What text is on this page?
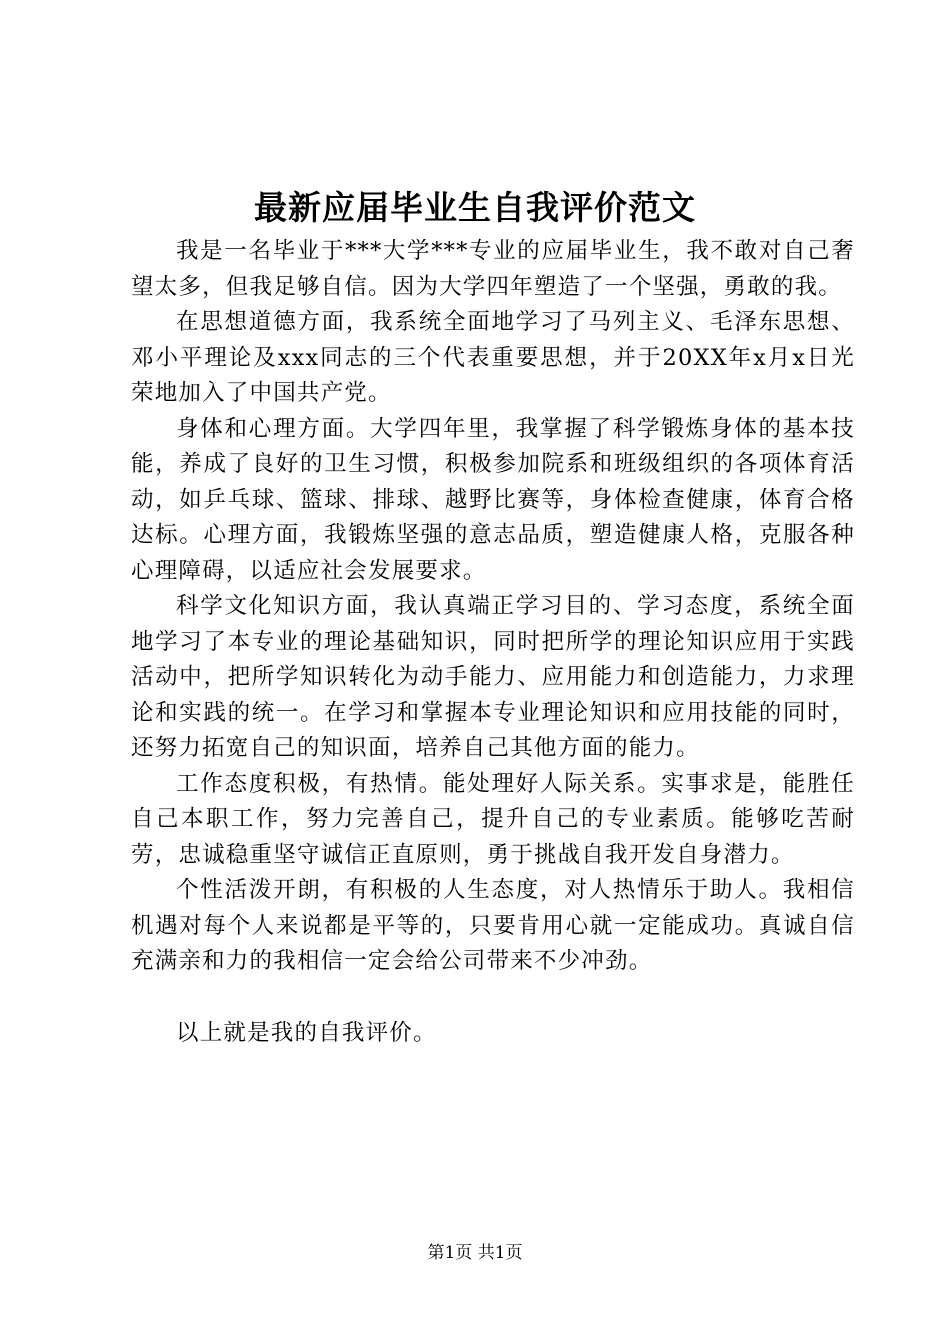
最新应届毕业生自我评价范文

我是一名毕业于***大学***专业的应届毕业生，我不敢对自己奢望太多，但我足够自信。因为大学四年塑造了一个坚强，勇敢的我。

在思想道德方面，我系统全面地学习了马列主义、毛泽东思想、邓小平理论及xxx同志的三个代表重要思想，并于20XX年x月x日光荣地加入了中国共产党。

身体和心理方面。大学四年里，我掌握了科学锻炼身体的基本技能，养成了良好的卫生习惯，积极参加院系和班级组织的各项体育活动，如乒乓球、篮球、排球、越野比赛等，身体检查健康，体育合格达标。心理方面，我锻炼坚强的意志品质，塑造健康人格，克服各种心理障碍，以适应社会发展要求。

科学文化知识方面，我认真端正学习目的、学习态度，系统全面地学习了本专业的理论基础知识，同时把所学的理论知识应用于实践活动中，把所学知识转化为动手能力、应用能力和创造能力，力求理论和实践的统一。在学习和掌握本专业理论知识和应用技能的同时，还努力拓宽自己的知识面，培养自己其他方面的能力。

工作态度积极，有热情。能处理好人际关系。实事求是，能胜任自己本职工作，努力完善自己，提升自己的专业素质。能够吃苦耐劳，忠诚稳重坚守诚信正直原则，勇于挑战自我开发自身潜力。

个性活泼开朗，有积极的人生态度，对人热情乐于助人。我相信机遇对每个人来说都是平等的，只要肯用心就一定能成功。真诚自信充满亲和力的我相信一定会给公司带来不少冲劲。

以上就是我的自我评价。

第1页 共1页
